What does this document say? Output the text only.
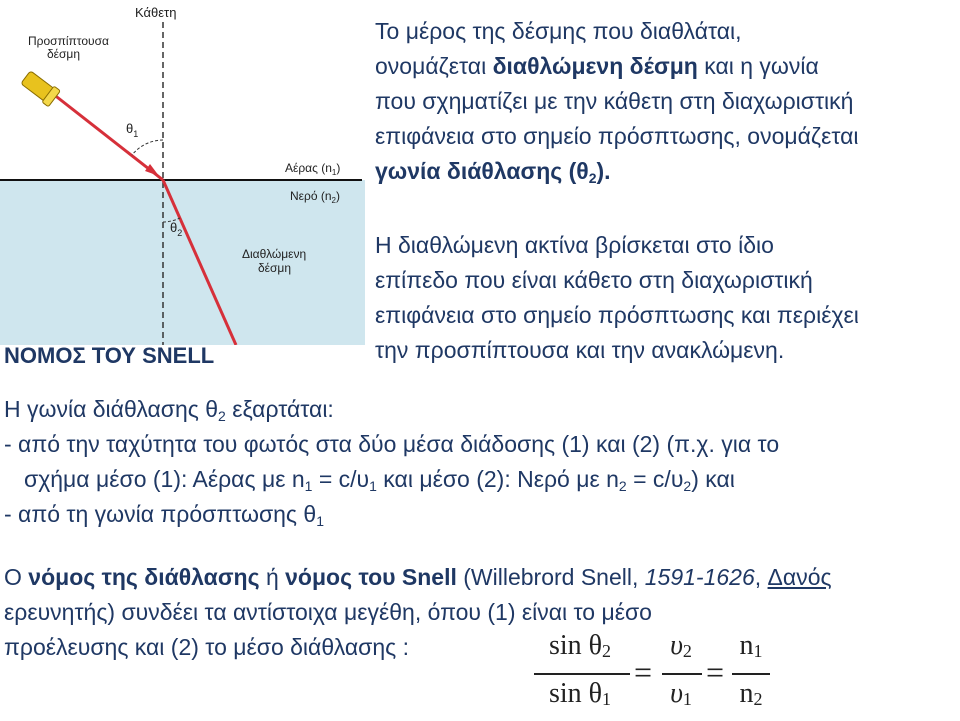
Κάθετη
Προσπίπτουσα
δέσμη
$\theta_1$
$\theta_2$
Αέρας $(n_1)$
Νερό $(n_2)$
Διαθλώμενη
δέσμη
ΝΟΜΟΣ ΤΟΥ SNELL
Το μέρος της δέσμης που διαθλάται,
ονομάζεται διαθλώμενη δέσμη και η γωνία
που σχηματίζει με την κάθετη στη διαχωριστική
επιφάνεια στο σημείο πρόσπτωσης, ονομάζεται
γωνία διάθλασης $(\theta_2)$.
Η διαθλώμενη ακτίνα βρίσκεται στο ίδιο
επίπεδο που είναι κάθετο στη διαχωριστική
επιφάνεια στο σημείο πρόσπτωσης και περιέχει
την προσπίπτουσα και την ανακλώμενη.
Η γωνία διάθλασης $\theta_2$ εξαρτάται:
- από την ταχύτητα του φωτός στα δύο μέσα διάδοσης (1) και (2) (π.χ. για το
σχήμα μέσο (1): Αέρας με $n_1 = c/\upsilon_1$ και μέσο (2): Νερό με $n_2 = c/\upsilon_2$) και
- από τη γωνία πρόσπτωσης $\theta_1$
Ο νόμος της διάθλασης ή νόμος του Snell (Willebrord Snell, 1591-1626, Δανός
ερευνητής) συνδέει τα αντίστοιχα μεγέθη, όπου (1) είναι το μέσο
προέλευσης και (2) το μέσο διάθλασης :	$\sin \theta_2$
$\sin \theta_1$
=
$\upsilon_2$
$\upsilon_1$
=
$n_1$
$n_2$
